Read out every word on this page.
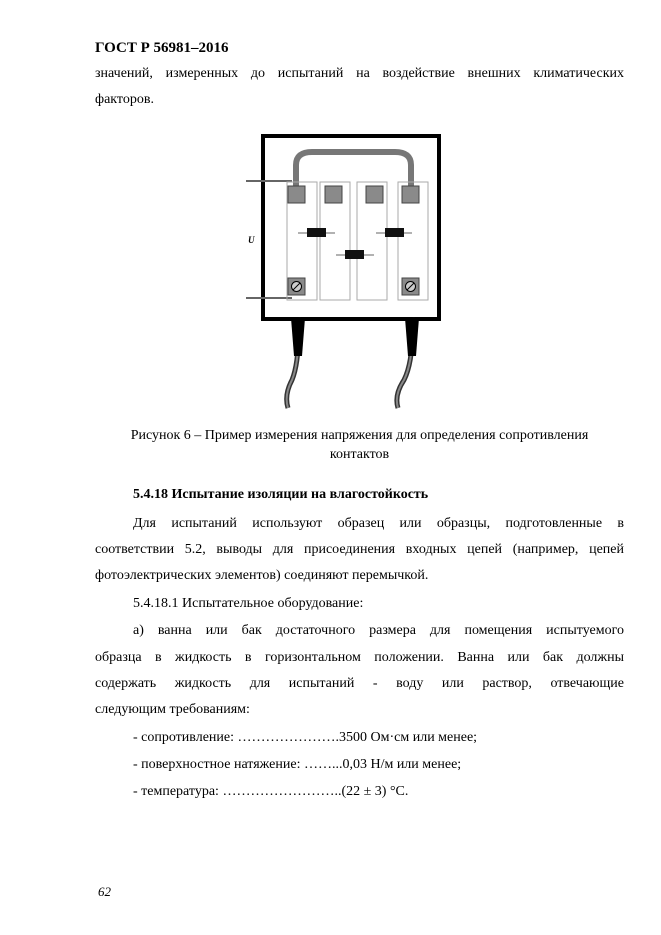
ГОСТ Р 56981–2016
значений, измеренных до испытаний на воздействие внешних климатических
факторов.
U
Рисунок 6 – Пример измерения напряжения для определения сопротивления
контактов
5.4.18 Испытание изоляции на влагостойкость
Для испытаний используют образец или образцы, подготовленные в
соответствии 5.2, выводы для присоединения входных цепей (например, цепей
фотоэлектрических элементов) соединяют перемычкой.
5.4.18.1 Испытательное оборудование:
а) ванна или бак достаточного размера для помещения испытуемого
образца в жидкость в горизонтальном положении. Ванна или бак должны
содержать жидкость для испытаний - воду или раствор, отвечающие
следующим требованиям:
- сопротивление: ………………….3500 Ом·см или менее;
- поверхностное натяжение: ……...0,03 Н/м или менее;
- температура: ……………………..(22 ± 3) °С.
62
